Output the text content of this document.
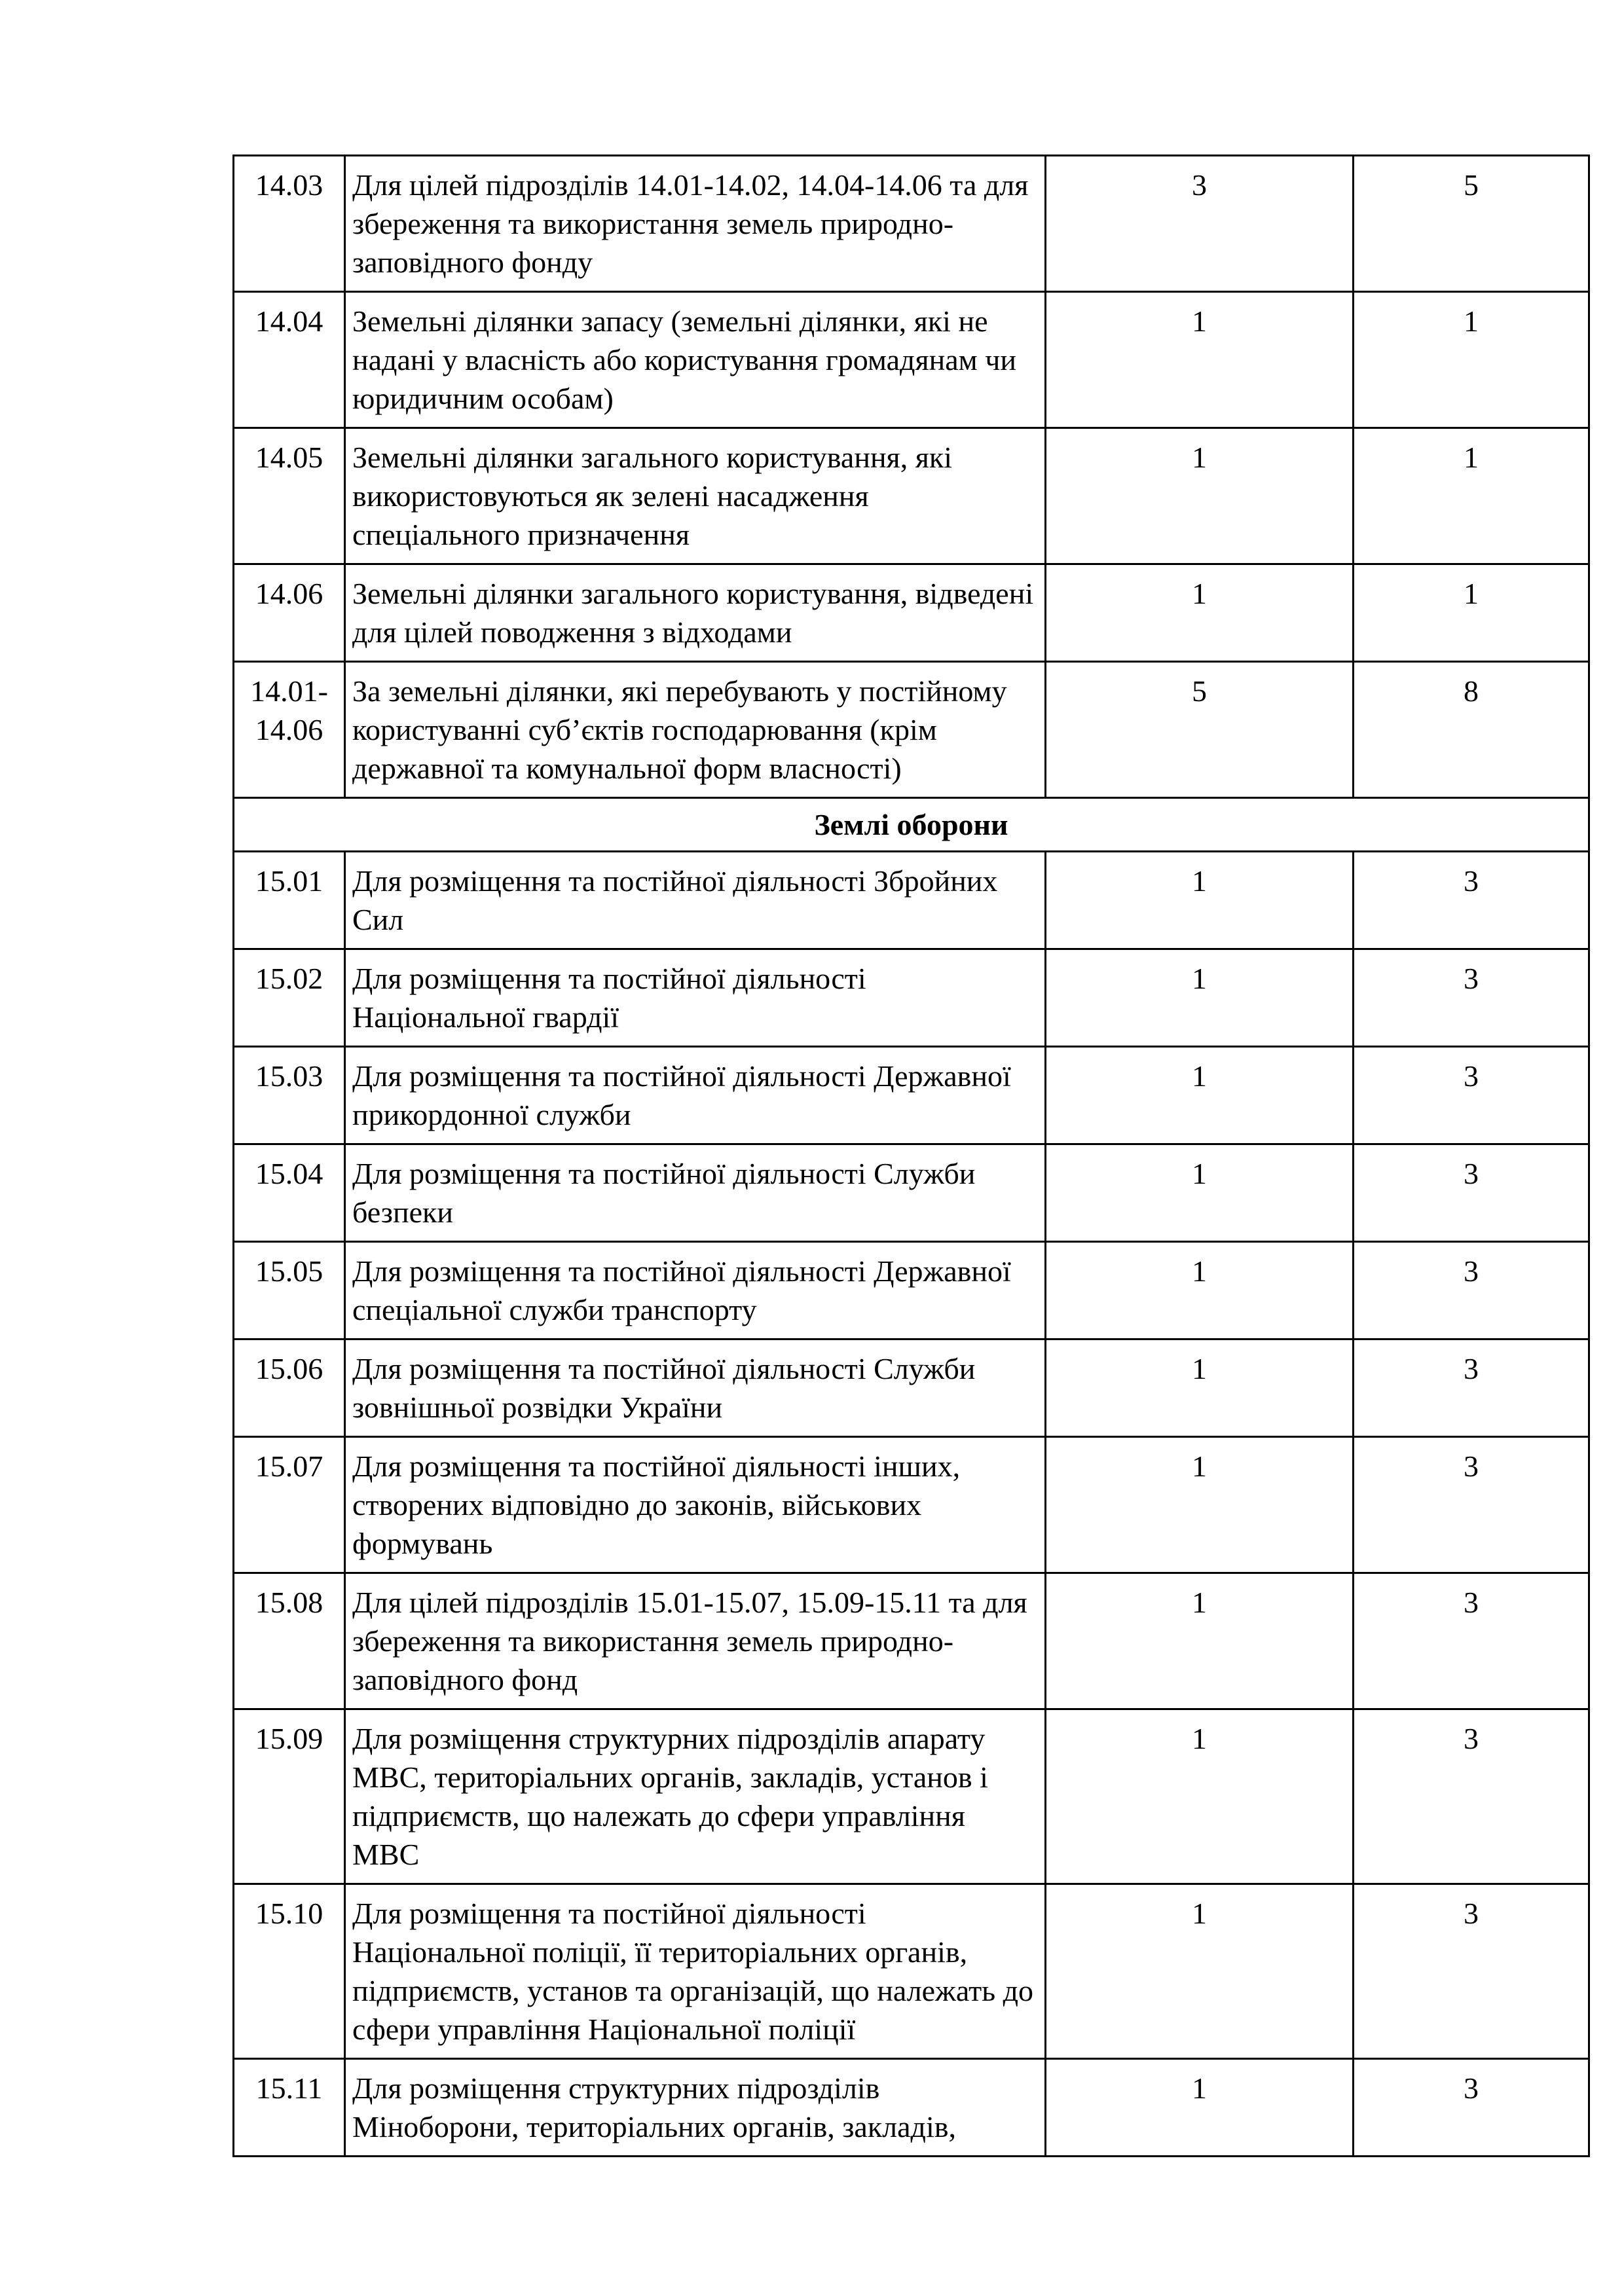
14.03	Для цілей підрозділів 14.01-14.02, 14.04-14.06 та для збереження та використання земель природно-заповідного фонду	3	5
14.04	Земельні ділянки запасу (земельні ділянки, які не надані у власність або користування громадянам чи юридичним особам)	1	1
14.05	Земельні ділянки загального користування, які використовуються як зелені насадження спеціального призначення	1	1
14.06	Земельні ділянки загального користування, відведені для цілей поводження з відходами	1	1
14.01-14.06	За земельні ділянки, які перебувають у постійному користуванні суб’єктів господарювання (крім державної та комунальної форм власності)	5	8
Землі оборони			
15.01	Для розміщення та постійної діяльності Збройних Сил	1	3
15.02	Для розміщення та постійної діяльності Національної гвардії	1	3
15.03	Для розміщення та постійної діяльності Державної прикордонної служби	1	3
15.04	Для розміщення та постійної діяльності Служби безпеки	1	3
15.05	Для розміщення та постійної діяльності Державної спеціальної служби транспорту	1	3
15.06	Для розміщення та постійної діяльності Служби зовнішньої розвідки України	1	3
15.07	Для розміщення та постійної діяльності інших, створених відповідно до законів, військових формувань	1	3
15.08	Для цілей підрозділів 15.01-15.07, 15.09-15.11 та для збереження та використання земель природно-заповідного фонд	1	3
15.09	Для розміщення структурних підрозділів апарату МВС, територіальних органів, закладів, установ і підприємств, що належать до сфери управління МВС	1	3
15.10	Для розміщення та постійної діяльності Національної поліції, її територіальних органів, підприємств, установ та організацій, що належать до сфери управління Національної поліції	1	3
15.11	Для розміщення структурних підрозділів Міноборони, територіальних органів, закладів,	1	3
